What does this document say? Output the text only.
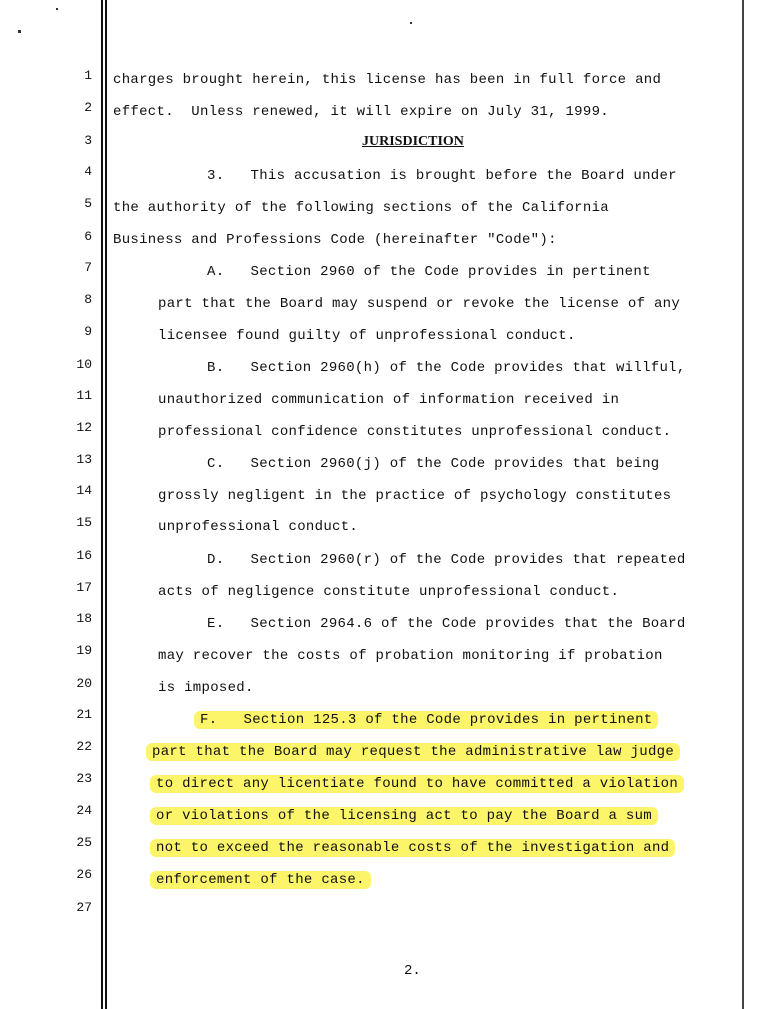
1
2
3
4
5
6
7
8
9
10
11
12
13
14
15
16
17
18
19
20
21
22
23
24
25
26
27
JURISDICTION
charges brought herein, this license has been in full force and
effect.  Unless renewed, it will expire on July 31, 1999.
3.   This accusation is brought before the Board under
the authority of the following sections of the California
Business and Professions Code (hereinafter "Code"):
A.   Section 2960 of the Code provides in pertinent
part that the Board may suspend or revoke the license of any
licensee found guilty of unprofessional conduct.
B.   Section 2960(h) of the Code provides that willful,
unauthorized communication of information received in
professional confidence constitutes unprofessional conduct.
C.   Section 2960(j) of the Code provides that being
grossly negligent in the practice of psychology constitutes
unprofessional conduct.
D.   Section 2960(r) of the Code provides that repeated
acts of negligence constitute unprofessional conduct.
E.   Section 2964.6 of the Code provides that the Board
may recover the costs of probation monitoring if probation
is imposed.
F.   Section 125.3 of the Code provides in pertinent
part that the Board may request the administrative law judge
to direct any licentiate found to have committed a violation
or violations of the licensing act to pay the Board a sum
not to exceed the reasonable costs of the investigation and
enforcement of the case.
2.
